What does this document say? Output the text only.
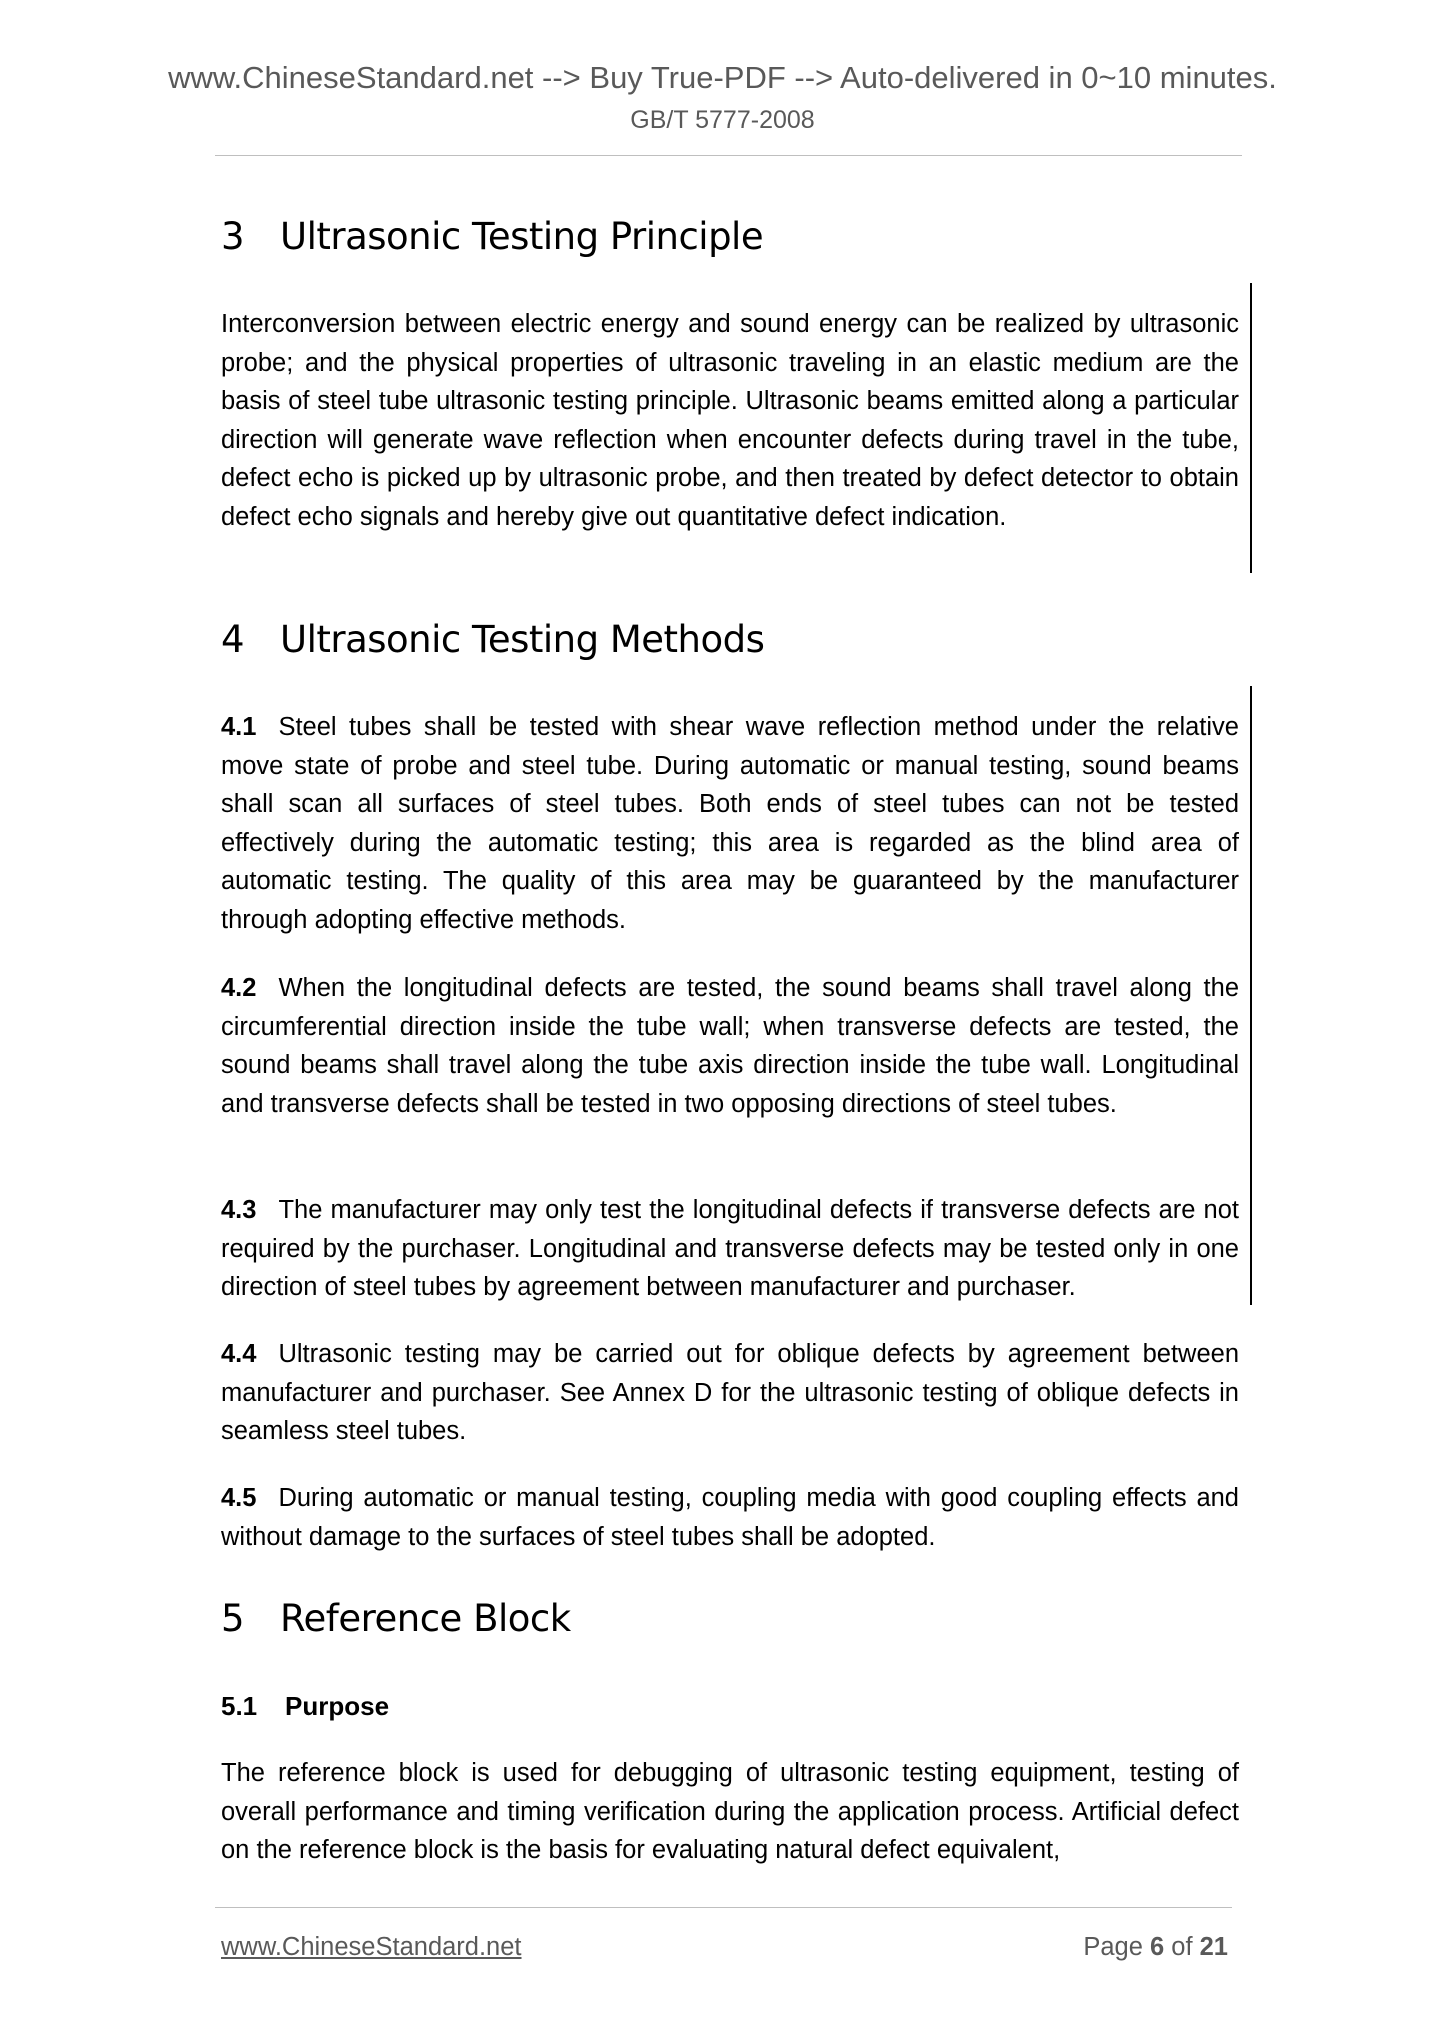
www.ChineseStandard.net --> Buy True-PDF --> Auto-delivered in 0~10 minutes.
GB/T 5777-2008
3 Ultrasonic Testing Principle
Interconversion between electric energy and sound energy can be realized by ultrasonic probe; and the physical properties of ultrasonic traveling in an elastic medium are the basis of steel tube ultrasonic testing principle. Ultrasonic beams emitted along a particular direction will generate wave reflection when encounter defects during travel in the tube, defect echo is picked up by ultrasonic probe, and then treated by defect detector to obtain defect echo signals and hereby give out quantitative defect indication.
4 Ultrasonic Testing Methods
4.1 Steel tubes shall be tested with shear wave reflection method under the relative move state of probe and steel tube. During automatic or manual testing, sound beams shall scan all surfaces of steel tubes. Both ends of steel tubes can not be tested effectively during the automatic testing; this area is regarded as the blind area of automatic testing. The quality of this area may be guaranteed by the manufacturer through adopting effective methods.
4.2 When the longitudinal defects are tested, the sound beams shall travel along the circumferential direction inside the tube wall; when transverse defects are tested, the sound beams shall travel along the tube axis direction inside the tube wall. Longitudinal and transverse defects shall be tested in two opposing directions of steel tubes.
4.3 The manufacturer may only test the longitudinal defects if transverse defects are not required by the purchaser. Longitudinal and transverse defects may be tested only in one direction of steel tubes by agreement between manufacturer and purchaser.
4.4 Ultrasonic testing may be carried out for oblique defects by agreement between manufacturer and purchaser. See Annex D for the ultrasonic testing of oblique defects in seamless steel tubes.
4.5 During automatic or manual testing, coupling media with good coupling effects and without damage to the surfaces of steel tubes shall be adopted.
5 Reference Block
5.1 Purpose
The reference block is used for debugging of ultrasonic testing equipment, testing of overall performance and timing verification during the application process. Artificial defect on the reference block is the basis for evaluating natural defect equivalent,
www.ChineseStandard.net	Page 6 of 21
